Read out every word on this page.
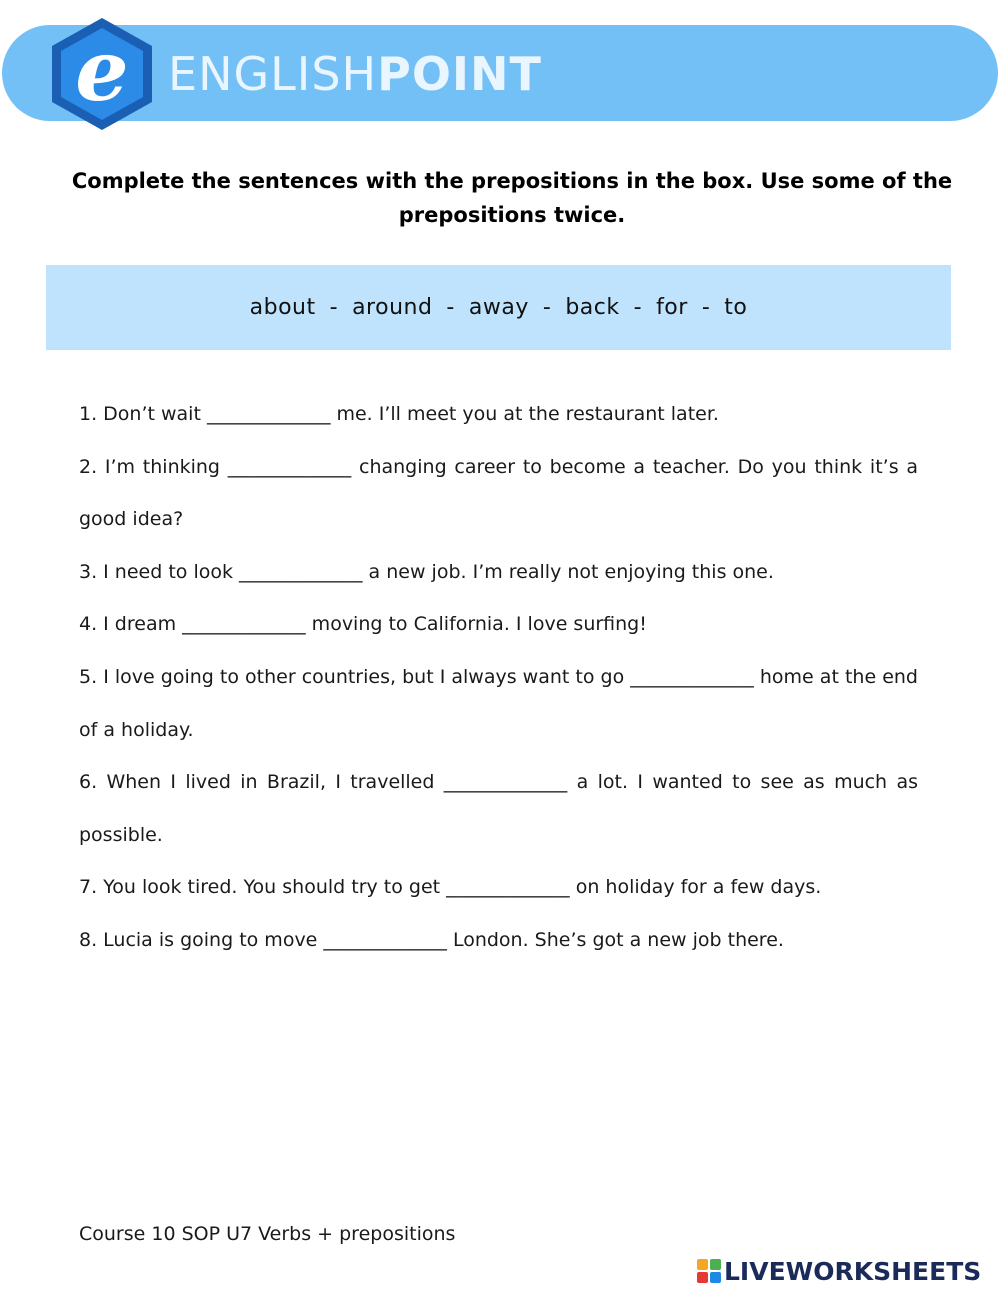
e ENGLISHPOINT
Complete the sentences with the prepositions in the box. Use some of the prepositions twice.
about - around - away - back - for - to

1. Don’t wait _____________ me. I’ll meet you at the restaurant later.

2. I’m thinking _____________ changing career to become a teacher. Do you think it’s a good idea?

3. I need to look _____________ a new job. I’m really not enjoying this one.

4. I dream _____________ moving to California. I love surfing!

5. I love going to other countries, but I always want to go _____________ home at the end of a holiday.

6. When I lived in Brazil, I travelled _____________ a lot. I wanted to see as much as possible.

7. You look tired. You should try to get _____________ on holiday for a few days.

8. Lucia is going to move _____________ London. She’s got a new job there.

Course 10 SOP U7 Verbs + prepositions
LIVEWORKSHEETS
